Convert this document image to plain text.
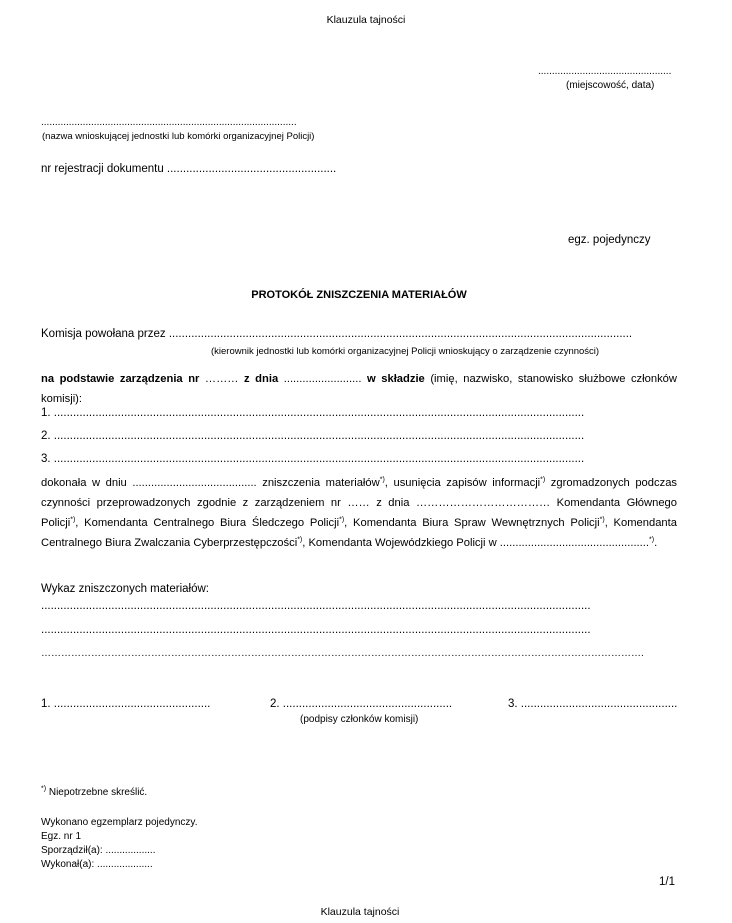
Klauzula tajności
................................................
(miejscowość, data)
............................................................................................
(nazwa wnioskującej jednostki lub komórki organizacyjnej Policji)
nr rejestracji dokumentu .....................................................
egz. pojedynczy
PROTOKÓŁ ZNISZCZENIA MATERIAŁÓW
Komisja powołana przez .................................................................................................................................................
(kierownik jednostki lub komórki organizacyjnej Policji wnioskujący o zarządzenie czynności)
na podstawie zarządzenia nr ……… z dnia ......................... w składzie (imię, nazwisko, stanowisko służbowe członków komisji):
1. ......................................................................................................................................................................
2. ......................................................................................................................................................................
3. ......................................................................................................................................................................
dokonała w dniu ........................................ zniszczenia materiałów*), usunięcia zapisów informacji*) zgromadzonych podczas czynności przeprowadzonych zgodnie z zarządzeniem nr …… z dnia ……………………………… Komendanta Głównego Policji*), Komendanta Centralnego Biura Śledczego Policji*), Komendanta Biura Spraw Wewnętrznych Policji*), Komendanta Centralnego Biura Zwalczania Cyberprzestępczości*), Komendanta Wojewódzkiego Policji w ................................................*).
Wykaz zniszczonych materiałów:
............................................................................................................................................................................
............................................................................................................................................................................
……………………………………………………………………………………………………………………………………………………………….
1. .................................................	2. .....................................................	3. .................................................
(podpisy członków komisji)
*) Niepotrzebne skreślić.
Wykonano egzemplarz pojedynczy.
Egz. nr 1
Sporządził(a): ..................
Wykonał(a): ....................
1/1
Klauzula tajności
